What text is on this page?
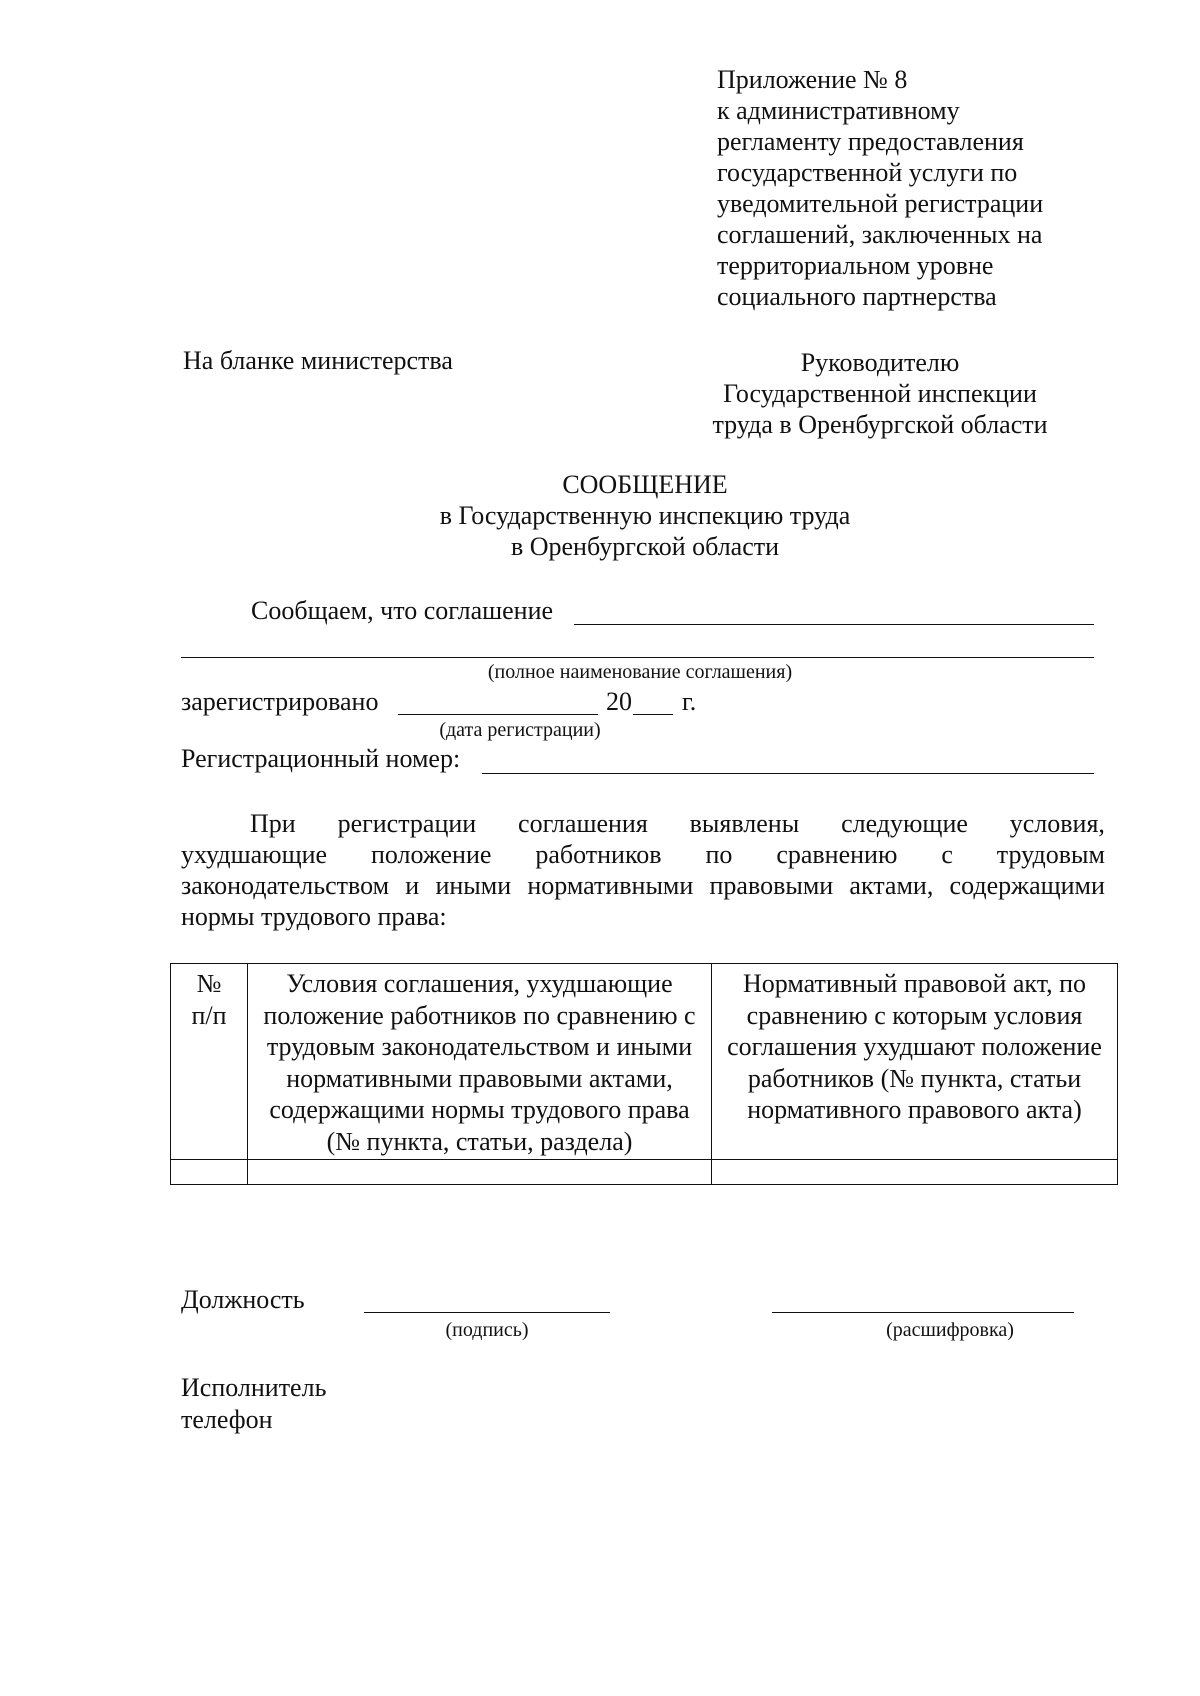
Приложение № 8
к административному
регламенту предоставления
государственной услуги по
уведомительной регистрации
соглашений, заключенных на
территориальном уровне
социального партнерства
На бланке министерства	Руководителю
Государственной инспекции
труда в Оренбургской области
СООБЩЕНИЕ
в Государственную инспекцию труда
в Оренбургской области
Сообщаем, что соглашение
(полное наименование соглашения)
зарегистрировано	20 г.
(дата регистрации)
Регистрационный номер:
При регистрации соглашения выявлены следующие условия,
ухудшающие положение работников по сравнению с трудовым
законодательством и иными нормативными правовыми актами, содержащими
нормы трудового права:
№ п/п	Условия соглашения, ухудшающие положение работников по сравнению с трудовым законодательством и иными нормативными правовыми актами, содержащими нормы трудового права (№ пункта, статьи, раздела)	Нормативный правовой акт, по сравнению с которым условия соглашения ухудшают положение работников (№ пункта, статьи нормативного правового акта)

Должность
(подпись)	(расшифровка)
Исполнитель
телефон
